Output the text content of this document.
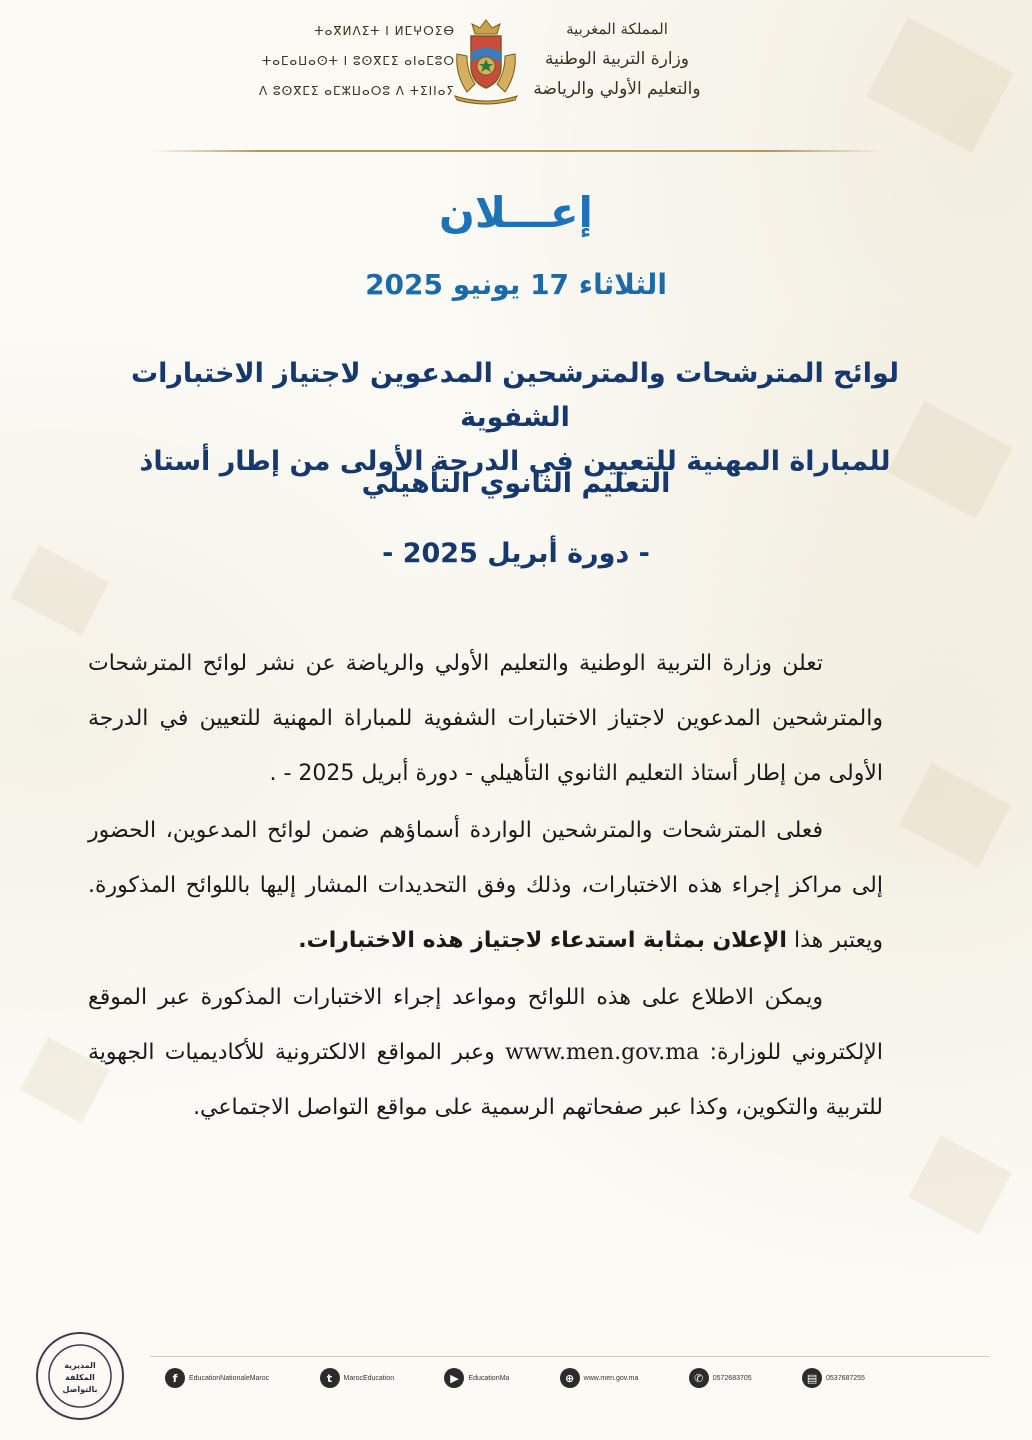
ⵜⴰⴳⵍⴷⵉⵜ ⵏ ⵍⵎⵖⵔⵉⴱ
ⵜⴰⵎⴰⵡⴰⵙⵜ ⵏ ⵓⵙⴳⵎⵉ ⴰⵏⴰⵎⵓⵔ
ⴷ ⵓⵙⴳⵎⵉ ⴰⵎⵣⵡⴰⵔⵓ ⴷ ⵜⵉⵏⵏⴰⵢ
المملكة المغربية
وزارة التربية الوطنية
والتعليم الأولي والرياضة
إعـــلان
الثلاثاء 17 يونيو 2025
لوائح المترشحات والمترشحين المدعوين لاجتياز الاختبارات الشفوية
للمباراة المهنية للتعيين في الدرجة الأولى من إطار أستاذ
التعليم الثانوي التأهيلي
- دورة أبريل 2025 -

تعلن وزارة التربية الوطنية والتعليم الأولي والرياضة عن نشر لوائح المترشحات والمترشحين المدعوين لاجتياز الاختبارات الشفوية للمباراة المهنية للتعيين في الدرجة الأولى من إطار أستاذ التعليم الثانوي التأهيلي - دورة أبريل 2025 - .

فعلى المترشحات والمترشحين الواردة أسماؤهم ضمن لوائح المدعوين، الحضور إلى مراكز إجراء هذه الاختبارات، وذلك وفق التحديدات المشار إليها باللوائح المذكورة. ويعتبر هذا الإعلان بمثابة استدعاء لاجتياز هذه الاختبارات.

ويمكن الاطلاع على هذه اللوائح ومواعد إجراء الاختبارات المذكورة عبر الموقع الإلكتروني للوزارة: www.men.gov.ma وعبر المواقع الالكترونية للأكاديميات الجهوية للتربية والتكوين، وكذا عبر صفحاتهم الرسمية على مواقع التواصل الاجتماعي.

المديرية
المكلفة
بالتواصل
f	EducationNationaleMaroc	t	MarocEducation	▶	EducationMa	⊕	www.men.gov.ma	✆	0572683705	▤	0537687255
